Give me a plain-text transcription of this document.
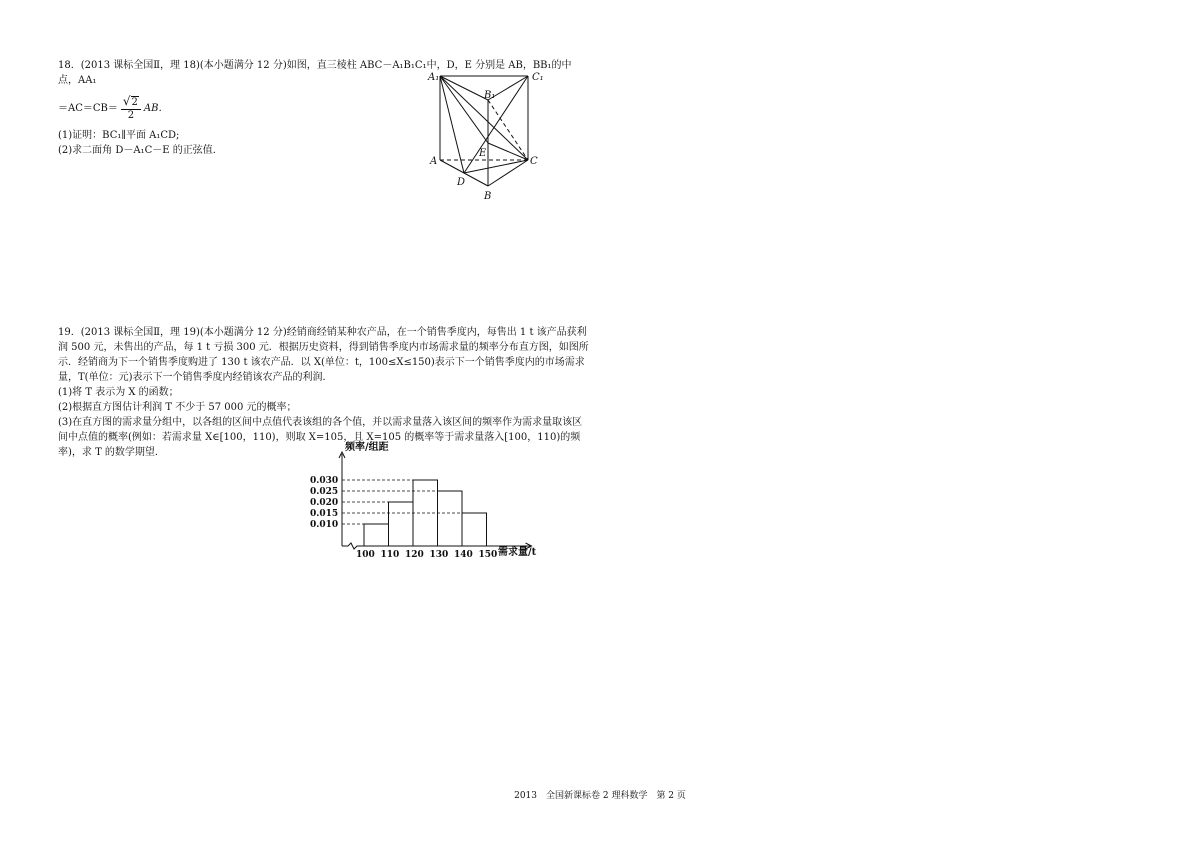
18．(2013 课标全国Ⅱ，理 18)(本小题满分 12 分)如图，直三棱柱 ABC－A₁B₁C₁中，D，E 分别是 AB，BB₁的中点，AA₁

$=AC=CB= \frac{√2}{2}$ AB．

(1)证明：BC₁∥平面 A₁CD;

(2)求二面角 D－A₁C－E 的正弦值．

A₁
B₁
C₁
A
B
C
D
E

19．(2013 课标全国Ⅱ，理 19)(本小题满分 12 分)经销商经销某种农产品，在一个销售季度内，每售出 1 t 该产品获利润 500 元，未售出的产品，每 1 t 亏损 300 元．根据历史资料，得到销售季度内市场需求量的频率分布直方图，如图所示．经销商为下一个销售季度购进了 130 t 该农产品．以 X(单位：t，100≤X≤150)表示下一个销售季度内的市场需求量，T(单位：元)表示下一个销售季度内经销该农产品的利润．

(1)将 T 表示为 X 的函数；

(2)根据直方图估计利润 T 不少于 57 000 元的概率；

(3)在直方图的需求量分组中，以各组的区间中点值代表该组的各个值，并以需求量落入该区间的频率作为需求量取该区间中点值的概率(例如：若需求量 X∈[100，110)，则取 X=105，且 X=105 的概率等于需求量落入[100，110)的频率)，求 T 的数学期望．	频率/组距
需求量/t
0.010
0.015
0.020
0.025
0.030
100 110 120 130 140 150
2013　全国新课标卷 2 理科数学　第 2 页
